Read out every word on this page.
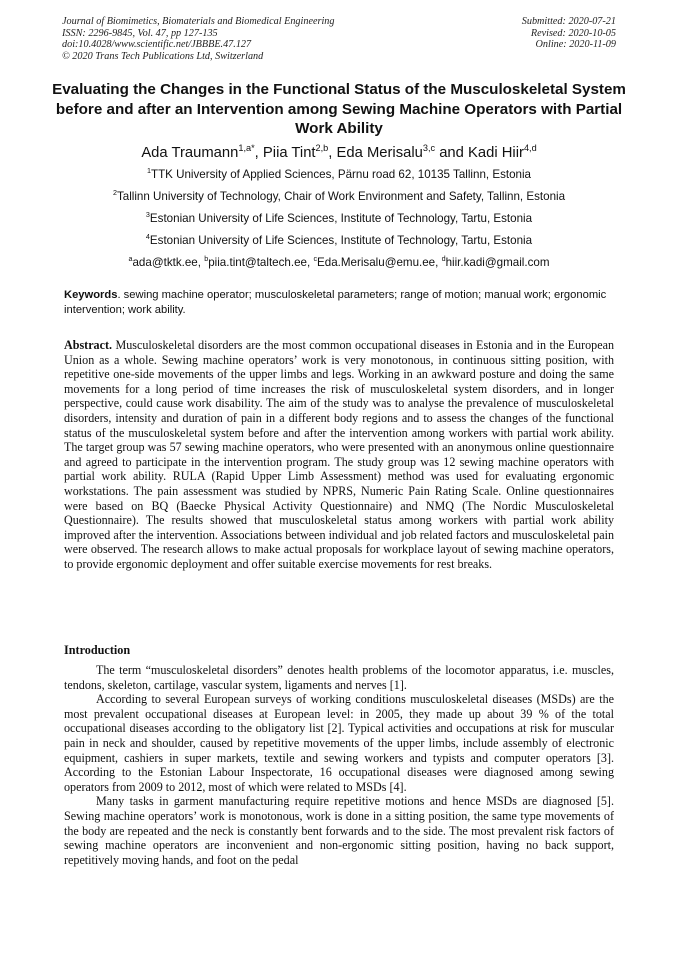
Journal of Biomimetics, Biomaterials and Biomedical Engineering
ISSN: 2296-9845, Vol. 47, pp 127-135
doi:10.4028/www.scientific.net/JBBBE.47.127
© 2020 Trans Tech Publications Ltd, Switzerland
Submitted: 2020-07-21
Revised: 2020-10-05
Online: 2020-11-09
Evaluating the Changes in the Functional Status of the Musculoskeletal System before and after an Intervention among Sewing Machine Operators with Partial Work Ability
Ada Traumann$^{1,a*}$, Piia Tint$^{2,b}$, Eda Merisalu$^{3,c}$ and Kadi Hiir$^{4,d}$
$^1$TTK University of Applied Sciences, Pärnu road 62, 10135 Tallinn, Estonia
$^2$Tallinn University of Technology, Chair of Work Environment and Safety, Tallinn, Estonia
$^3$Estonian University of Life Sciences, Institute of Technology, Tartu, Estonia
$^4$Estonian University of Life Sciences, Institute of Technology, Tartu, Estonia
$^a$ada@tktk.ee, $^b$piia.tint@taltech.ee, $^c$Eda.Merisalu@emu.ee, $^d$hiir.kadi@gmail.com
Keywords. sewing machine operator; musculoskeletal parameters; range of motion; manual work; ergonomic intervention; work ability.
Abstract. Musculoskeletal disorders are the most common occupational diseases in Estonia and in the European Union as a whole. Sewing machine operators’ work is very monotonous, in continuous sitting position, with repetitive one-side movements of the upper limbs and legs. Working in an awkward posture and doing the same movements for a long period of time increases the risk of musculoskeletal system disorders, and in longer perspective, could cause work disability. The aim of the study was to analyse the prevalence of musculoskeletal disorders, intensity and duration of pain in a different body regions and to assess the changes of the functional status of the musculoskeletal system before and after the intervention among workers with partial work ability. The target group was 57 sewing machine operators, who were presented with an anonymous online questionnaire and agreed to participate in the intervention program. The study group was 12 sewing machine operators with partial work ability. RULA (Rapid Upper Limb Assessment) method was used for evaluating ergonomic workstations. The pain assessment was studied by NPRS, Numeric Pain Rating Scale. Online questionnaires were based on BQ (Baecke Physical Activity Questionnaire) and NMQ (The Nordic Musculoskeletal Questionnaire). The results showed that musculoskeletal status among workers with partial work ability improved after the intervention. Associations between individual and job related factors and musculoskeletal pain were observed. The research allows to make actual proposals for workplace layout of sewing machine operators, to provide ergonomic deployment and offer suitable exercise movements for rest breaks.
Introduction

The term “musculoskeletal disorders” denotes health problems of the locomotor apparatus, i.e. muscles, tendons, skeleton, cartilage, vascular system, ligaments and nerves [1].

According to several European surveys of working conditions musculoskeletal diseases (MSDs) are the most prevalent occupational diseases at European level: in 2005, they made up about 39 % of the total occupational diseases according to the obligatory list [2]. Typical activities and occupations at risk for muscular pain in neck and shoulder, caused by repetitive movements of the upper limbs, include assembly of electronic equipment, cashiers in super markets, textile and sewing workers and typists and computer operators [3]. According to the Estonian Labour Inspectorate, 16 occupational diseases were diagnosed among sewing operators from 2009 to 2012, most of which were related to MSDs [4].

Many tasks in garment manufacturing require repetitive motions and hence MSDs are diagnosed [5]. Sewing machine operators’ work is monotonous, work is done in a sitting position, the same type movements of the body are repeated and the neck is constantly bent forwards and to the side. The most prevalent risk factors of sewing machine operators are inconvenient and non-ergonomic sitting position, having no back support, repetitively moving hands, and foot on the pedal
